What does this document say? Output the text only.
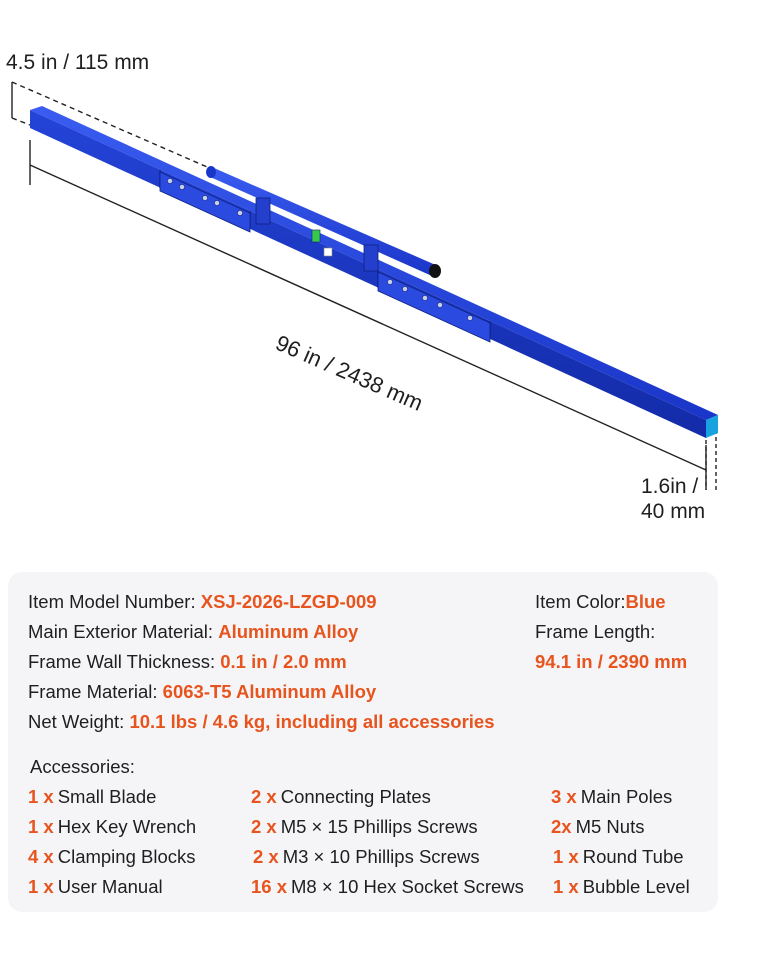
4.5 in / 115 mm
96 in / 2438 mm
1.6in /
40 mm
Item Model Number: XSJ-2026-LZGD-009
Main Exterior Material: Aluminum Alloy
Frame Wall Thickness: 0.1 in / 2.0 mm
Frame Material: 6063-T5 Aluminum Alloy
Net Weight: 10.1 lbs / 4.6 kg, including all accessories
Item Color:Blue
Frame Length:
94.1 in / 2390 mm
Accessories:
1 x Small Blade
1 x Hex Key Wrench
4 x Clamping Blocks
1 x User Manual
2 x Connecting Plates
2 x M5 × 15 Phillips Screws
2 x M3 × 10 Phillips Screws
16 x M8 × 10 Hex Socket Screws
3 x Main Poles
2x M5 Nuts
1 x Round Tube
1 x Bubble Level
